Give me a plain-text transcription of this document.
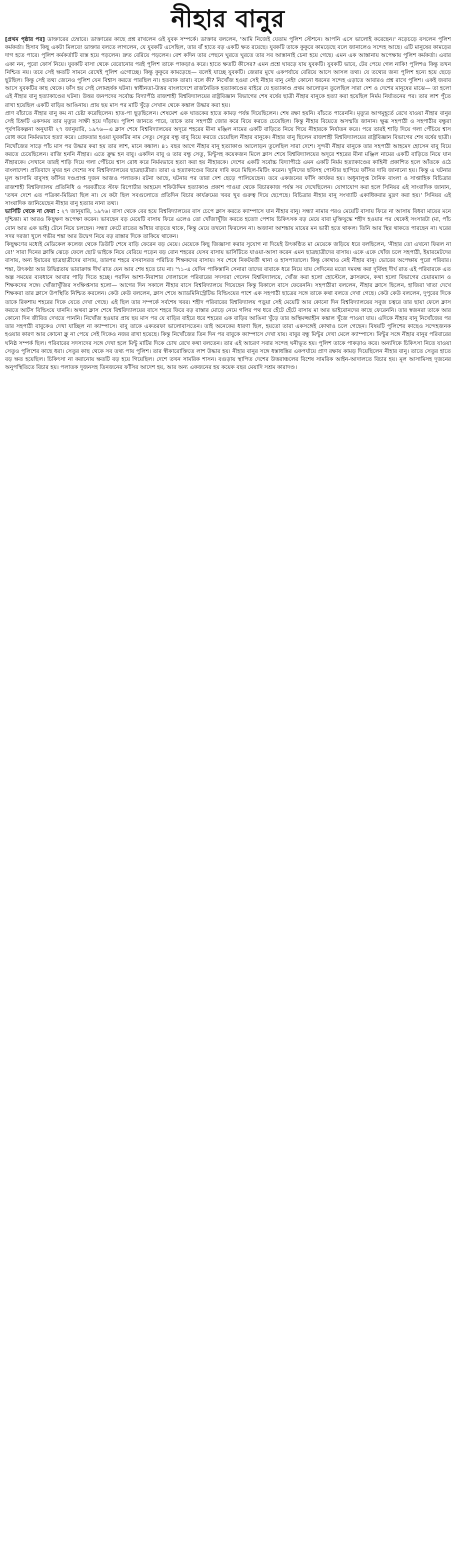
নীহার বানুর

[প্রথম পৃষ্ঠার পর] ডাক্তারের চেম্বারে। ডাক্তারের কাছে প্রশ্ন রাখলেন ওই যুবক সম্পর্কে। ডাক্তার বললেন, 'আমি নিজেই যেতাম পুলিশ স্টেশনে। আপনি এসে ভালোই করেছেন।' নড়েচড়ে বসলেন পুলিশ কর্মকর্তা। হিসাব কিছু একটা মিলবে! ডাক্তার বলতে লাগলেন, যে যুবকটি এসেছিল, তার বাঁ হাতে বড় একটি ক্ষত রয়েছে। যুবকটি তাকে কুকুরে কামড়েছে বলে জানালেও সন্দেহ আছে। এটি মানুষের কামড়ের দাগ হতে পারে। পুলিশ কর্মকর্তাটি ব্যস্ত হয়ে পড়লেন। দ্রুত বেরিয়ে পড়লেন। বেশ কদিন তার পেছনে ঘুরতে ঘুরতে তার সব আস্তানাই চেনা হয়ে গেছে। এমন এক আস্তানায় অপেক্ষায় পুলিশ কর্মকর্তা। এবার একা নন, পুরো ফোর্স নিয়ে। যুবকটি বাসা থেকে বেরোনোর পরই পুলিশ তাকে পাকড়াও করে। হাতে ক্ষতটি কীসের? এমন প্রশ্নে ঘাবড়ে যায় যুবকটি। যুবকটি ভাবে, টের পেয়ে গেল নাকি! পুলিশও কিন্তু তখন নিশ্চিত নয়। তবে সেই ক্ষতটি সামনে রেখেই পুলিশ এগোচ্ছে। কিন্তু কুকুরে কামড়েছে— বলেই যাচ্ছে যুবকটি। জেরার মুখে একপর্যায়ে বেরিয়ে আসে আসল তথ্য। যে তথ্যের জন্য পুলিশ হন্যে হয়ে ছেড়ে ছুটছিল। কিন্তু সেই তথ্য জেনেও পুলিশ যেন বিশ্বাস করতে পারছিল না। হতবাক তারা। বলে কী? নিখোঁজ হওয়া সেই নীহার বানু নেই! কোনো ধরনের সন্দেহ এড়াতে আবারও প্রশ্ন রাখে পুলিশ। একই জবাব আসে যুবকটির কাছ থেকে। ফাঁস হয় সেই লোমহর্ষক ঘটনা। স্বাধীনতা-উত্তর বাংলাদেশে রাজনৈতিক হত্যাকাণ্ডের বাইরে যে হত্যাকাণ্ড প্রথম আলোড়ন তুলেছিল সারা দেশ ও দেশের মানুষের মাঝে— তা হলো এই নীহার বানু হত্যাকাণ্ডের ঘটনা। উত্তর জনপদের সর্বোচ্চ বিদ্যাপীঠ রাজশাহী বিশ্ববিদ্যালয়ের রাষ্ট্রবিজ্ঞান বিভাগের শেষ বর্ষের ছাত্রী নীহার বানুকে হত্যা করা হয়েছিল নির্মম নির্যাতনের পর। তার লাশ পুঁতে রাখা হয়েছিল একটি বাড়ির আঙিনায়। প্রায় ছয় মাস পর মাটি খুঁড়ে সেখান থেকে কঙ্কাল উদ্ধার করা হয়।

প্রাণ বাঁচাতে নীহার বানু কম না চেষ্টা করেছিলেন। হাত-পা ছুড়ছিলেন। শেষমেশ এক ঘাতকের হাতে কামড় পর্যন্ত দিয়েছিলেন। শেষ রক্ষা হয়নি। বাঁচতে পারেননি। মৃত্যুর আগমুহূর্তে রেখে যাওয়া নীহার বানুর সেই চিহ্নটি একসময় তার মৃত্যুর সাক্ষী হয়ে দাঁড়ায়। পুলিশ জানতে পারে, তাকে তার সহপাঠী জোর করে বিয়ে করতে চেয়েছিল। কিন্তু নীহার বিয়েতে অসম্মতি জানান। ক্ষুব্ধ সহপাঠী ও সহপাঠীর বন্ধুরা পূর্বপরিকল্পনা অনুযায়ী ২৭ জানুয়ারি, ১৯৭৬—এ ক্লাস শেষে বিশ্ববিদ্যালয়ের অদূরে শহরের মীনা মঞ্জিল নামের একটি বাড়িতে নিয়ে গিয়ে নীহারকে নির্যাতন করে। পরে তারই শাড়ি দিয়ে গলা পেঁচিয়ে শ্বাস রোধ করে নির্মমভাবে হত্যা করে। গ্রেফতার হওয়া যুবকটির নাম সেতু। সেতুর বন্ধু বাবু বিয়ে করতে চেয়েছিল নীহার বানুকে। নীহার বানু ছিলেন রাজশাহী বিশ্ববিদ্যালয়ের রাষ্ট্রবিজ্ঞান বিভাগের শেষ বর্ষের ছাত্রী। নিখোঁজের সাড়ে পাঁচ মাস পর উদ্ধার করা হয় তার লাশ, মানে কঙ্কাল। ৪১ বছর আগে নীহার বানু হত্যাকাণ্ড আলোড়ন তুলেছিল সারা দেশে। সুন্দরী নীহার বানুকে তার সহপাঠী আহমেদ হোসেন বাবু বিয়ে করতে চেয়েছিলেন। রাজি হননি নীহার। এতে ক্রুদ্ধ হন বাবু। একদিন বাবু ও তার বন্ধু সেতু, মিন্টুসহ কয়েকজন মিলে ক্লাস শেষে বিশ্ববিদ্যালয়ের অদূরে শহরের মীনা মঞ্জিল নামের একটি বাড়িতে নিয়ে যান নীহারকে। সেখানে তারই শাড়ি দিয়ে গলা পেঁচিয়ে শ্বাস রোধ করে নির্মমভাবে হত্যা করা হয় নীহারকে। দেশের একটি সর্বোচ্চ বিদ্যাপীঠে এমন একটি নির্মম হত্যাকাণ্ডের কাহিনী প্রকাশিত হলে আঁতকে ওঠে বাংলাদেশ। প্রতিবাদে মুখর হন দেশের সব বিশ্ববিদ্যালয়ের ছাত্রছাত্রীরা। তারা এ হত্যাকাণ্ডের বিচার দাবি করে মিছিল-মিটিং করেন। খুনিদের ছবিসহ পোস্টার ছাপিয়ে ফাঁসির দাবি জানানো হয়। কিন্তু এ ঘটনার মূল আসামি বাবুসহ ফাঁসির দণ্ডপ্রাপ্ত দুজন আজও পলাতক। রটনা আছে, ঘটনার পর তারা দেশ ছেড়ে পালিয়েছেন। তবে একজনের ফাঁসি কার্যকর হয়। অধুনালুপ্ত দৈনিক বাংলা ও সাপ্তাহিক বিচিত্রার রাজশাহী বিশ্ববিদ্যালয় প্রতিনিধি ও পরবর্তীতে স্টাফ রিপোর্টার আহমেদ শফিউদ্দিন হত্যাকাণ্ড প্রকাশ পাওয়া থেকে বিচারকাজ পর্যন্ত সব দেখেছিলেন। যোগাযোগ করা হলে সিনিয়র এই সাংবাদিক জানান, 'তখন দেশে এত পত্রিকা-মিডিয়া ছিল না। যে কটা ছিল সবগুলোতে প্রতিদিন বিচার কার্যক্রমের খবর খুব গুরুত্ব দিয়ে ছেপেছে। বিচিত্রার নীহার বানু সংখ্যাটি একাধিকবার মুদ্রণ করা হয়।' সিনিয়র এই সাংবাদিক জানিয়েছেন নীহার বানু হত্যার নানা তথ্য।

ভার্সিটি থেকে না ফেরা : ২৭ জানুয়ারি, ১৯৭৬। বাসা থেকে বের হয়ে বিশ্ববিদ্যালয়ের বাস চেপে ক্লাস করতে ক্যাম্পাসে যান নীহার বানু। সন্ধ্যা নামার পরও মেয়েটি বাসায় ফিরে না আসায় বিধবা মায়ের মনে দুশ্চিন্তা। মা আরও কিছুক্ষণ অপেক্ষা করেন। ভাবছেন বড় মেয়েটি বাসায় ফিরে এলেও তো খোঁজাখুঁজি করতে হতো! পেশায় চিকিৎসক বড় মেয়ে বাবা মুক্তিযুদ্ধে শহীদ হওয়ার পর থেকেই সংসারটা (মা, পাঁচ বোন আর এক ভাই) টেনে নিয়ে চলছেন। সন্ধ্যা কেটে রাতের আঁধার বাড়তে থাকে, কিন্তু মেয়ে তখনো ফিরলেন না। অজানা আশঙ্কায় মায়ের মন ভারী হতে থাকল। তিনি আর স্থির থাকতে পারছেন না। ঘরের সদর দরজা খুলে গভীর শঙ্কা আর উদ্বেগ নিয়ে বড় রাস্তার দিকে তাকিয়ে থাকেন।

কিছুক্ষণের মধ্যেই মেডিকেল কলেজ থেকে ডিউটি শেষে বাড়ি ফেরেন বড় মেয়ে। মেয়েকে কিছু জিজ্ঞাসা করার সুযোগ না দিয়েই উৎকণ্ঠিত মা মেয়েকে জড়িয়ে ধরে বলছিলেন, 'নীহার তো এখনো ফিরল না রে!' সারা দিনের ক্লান্তি ঝেড়ে ফেলে ছোট ভাইকে নিয়ে বেরিয়ে পড়েন বড় বোন শহরের যেসব বাসায় ভার্সিটিতে যাওয়া-আসা করেন এমন ছাত্রছাত্রীদের বাসায়। একে একে খোঁজ চলে সহপাঠী, ইয়ারমেটদের বাসায়, অন্য ইয়ারের ছাত্রছাত্রীদের বাসায়, তারপর শহরে বসবাসরত পরিচিত শিক্ষকদের বাসায়। সব শেষে নিকটবর্তী থানা ও হাসপাতালে। কিন্তু কোথাও নেই নীহার বানু। ভোরের অপেক্ষায় পুরো পরিবার। শঙ্কা, উৎকণ্ঠা আর উদ্বিগ্নতায় ভারাক্রান্ত দীর্ঘ রাত যেন আর শেষ হতে চায় না। '৭১-এ যেদিন পাকিস্তানি সেনারা তাদের বাবাকে ধরে নিয়ে যায় সেদিনের মতো দমবন্ধ করা দুর্বিষহ দীর্ঘ রাত এই পরিবারকে এত অল্প সময়ের ব্যবধানে আবার পাড়ি দিতে হচ্ছে। পরদিন আশা-নিরাশার দোলাচলে পরিবারের সদস্যরা গেলেন বিশ্ববিদ্যালয়ে, খোঁজ করা হলো হোস্টেলে, ক্লাসরুমে, কথা হলো বিভাগের চেয়ারম্যান ও শিক্ষকদের সঙ্গে। খোঁজাখুঁজির সংক্ষিপ্তসার হলো— আগের দিন সকালে নীহার বাসে বিশ্ববিদ্যালয়ে গিয়েছেন কিন্তু বিকালে বাসে ফেরেননি। সহপাঠীরা বললেন, নীহার ক্লাসে ছিলেন, হাজিরা খাতা দেখে শিক্ষকরা তার ক্লাসে উপস্থিতি নিশ্চিত করলেন। কেউ কেউ বললেন, ক্লাস শেষে অ্যাডমিনিস্ট্রেটিভ বিল্ডিংয়ের পাশে এক সহপাঠী ছাত্রের সঙ্গে তাকে কথা বলতে দেখা গেছে। কেউ কেউ বললেন, দুপুরের দিকে তাকে রিকশায় শহরের দিকে যেতে দেখা গেছে। এই ছিল তার সম্পর্কে সর্বশেষ খবর। শহীদ পরিবারের বিশ্ববিদ্যালয় পড়ুয়া সেই মেয়েটি আর কোনো দিন বিশ্ববিদ্যালয়ের সবুজ চত্বরে তার ছায়া ফেলে ক্লাস করতে আর্টস বিল্ডিংয়ে যাননি। অথবা ক্লাস শেষে বিশ্ববিদ্যালয়ের বাসে শহরে ফিরে বড় রাস্তার মোড়ে নেমে গলির পথ ধরে হেঁটে হেঁটে বাসায় মা আর ভাইবোনদের কাছে ফেরেননি। তার স্বজনরা তাকে আর কোনো দিন জীবিত দেখতে পাননি। নিখোঁজ হওয়ার প্রায় ছয় মাস পর যে বাড়ির বাইরে ধরে শহরের এক বাড়ির আঙিনা খুঁড়ে তার অস্থিমজ্জাহীন কঙ্কাল খুঁজে পাওয়া যায়। এদিকে নীহার বানু নিখোঁজের পর তার সহপাঠী বাবুকেও দেখা যাচ্ছিল না ক্যাম্পাসে। বাবু তাকে একতরফা ভালোবাসতেন। তাই অনেকের ধারণা ছিল, হয়তো তারা একসঙ্গেই কোথাও চলে গেছেন। বিষয়টি পুলিশের কাছেও সন্দেহজনক হওয়ার কারণ আর কোনো ক্লু না পেয়ে সেই দিকেও নজর রাখা হয়েছে। কিন্তু নিখোঁজের তিন দিন পর বাবুকে ক্যাম্পাসে দেখা যায়। বাবুর বন্ধু মিন্টুর দেখা মেলে ক্যাম্পাসে। মিন্টুর সঙ্গে নীহার বানুর পরিবারের ঘনিষ্ঠ সম্পর্ক ছিল। পরিবারের সদস্যদের সঙ্গে দেখা হলে মিন্টু মাটির দিকে চোখ রেখে কথা বলতেন। তার এই আচরণ সবার সন্দেহ ঘনীভূত হয়। পুলিশ তাকে পাকড়াও করে। অন্যদিকে চিকিৎসা নিতে যাওয়া সেতুও পুলিশের কাছে ধরা। সেতুর কাছ থেকে সব তথ্য পায় পুলিশ। তার স্বীকারোক্তিতে লাশ উদ্ধার হয়। নীহার বানুর সঙ্গে ধস্তাধস্তির একপর্যায়ে প্রাণ রক্ষায় কামড় দিয়েছিলেন নীহার বানু। তাতে সেতুর হাতে বড় ক্ষত হয়েছিল। চিকিৎসা না করানোয় ক্ষতটি বড় হয়ে গিয়েছিল। দেশে তখন সামরিক শাসন। বগুড়ায় স্থাপিত দেশের উত্তরাঞ্চলের বিশেষ সামরিক আইন-আদালতে বিচার হয়। মূল আসামিসহ দুজনের অনুপস্থিতিতে বিচার হয়। পলাতক দুজনসহ তিনজনের ফাঁসির আদেশ হয়, আর অন্য একজনের হয় কয়েক বছর মেয়াদি সশ্রম কারাদণ্ড।
